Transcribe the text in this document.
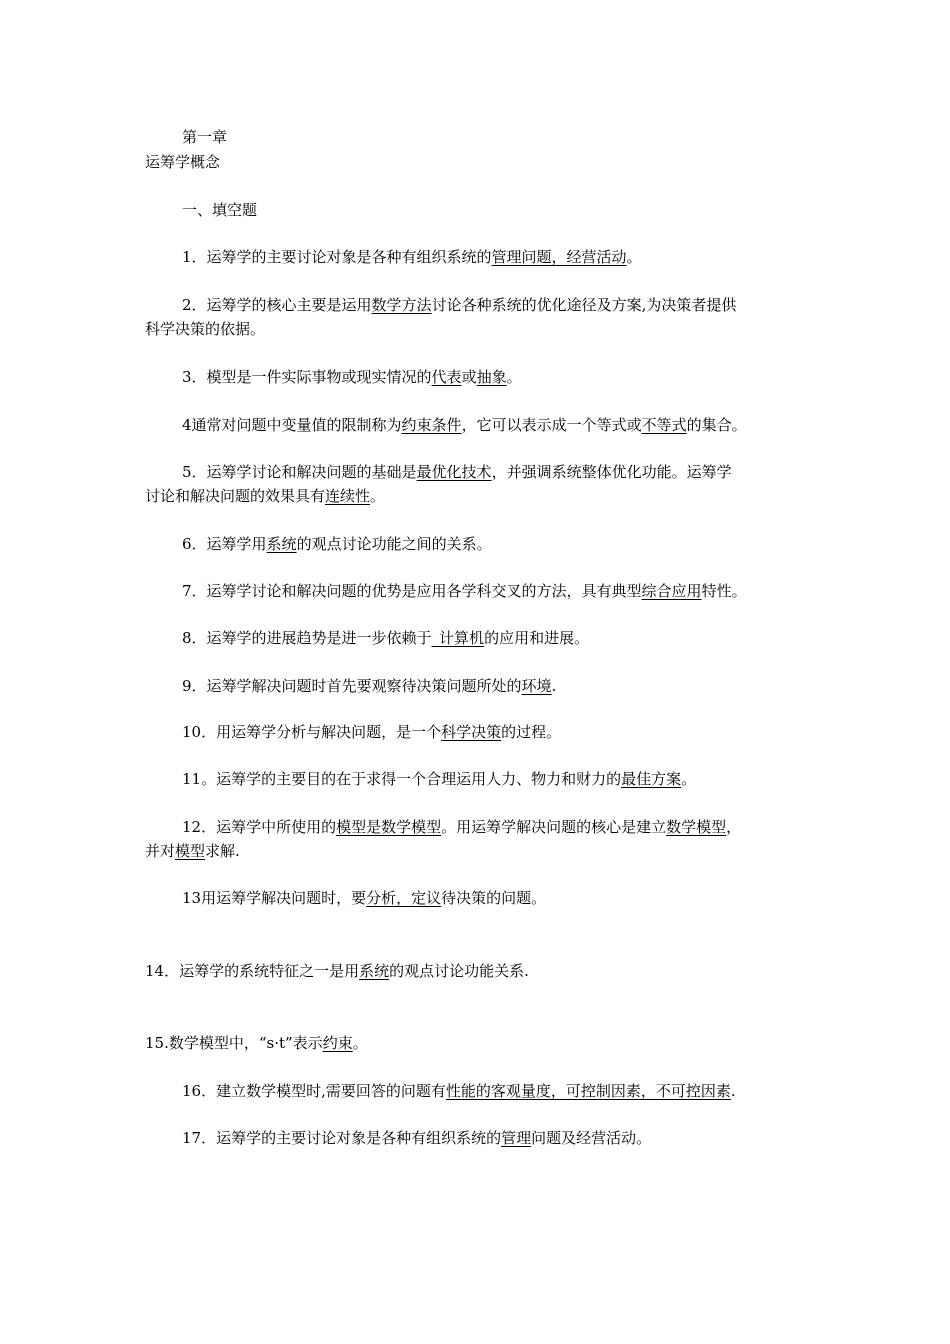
第一章
运筹学概念
一、填空题
1．运筹学的主要讨论对象是各种有组织系统的管理问题，经营活动。
2．运筹学的核心主要是运用数学方法讨论各种系统的优化途径及方案,为决策者提供
科学决策的依据。
3．模型是一件实际事物或现实情况的代表或抽象。
4通常对问题中变量值的限制称为约束条件，它可以表示成一个等式或不等式的集合。
5．运筹学讨论和解决问题的基础是最优化技术，并强调系统整体优化功能。运筹学
讨论和解决问题的效果具有连续性。
6．运筹学用系统的观点讨论功能之间的关系。
7．运筹学讨论和解决问题的优势是应用各学科交叉的方法，具有典型综合应用特性。
8．运筹学的进展趋势是进一步依赖于_计算机的应用和进展。
9．运筹学解决问题时首先要观察待决策问题所处的环境.
10．用运筹学分析与解决问题，是一个科学决策的过程。
11。运筹学的主要目的在于求得一个合理运用人力、物力和财力的最佳方案。
12．运筹学中所使用的模型是数学模型。用运筹学解决问题的核心是建立数学模型，
并对模型求解.
13用运筹学解决问题时，要分析，定议待决策的问题。
14．运筹学的系统特征之一是用系统的观点讨论功能关系.
15.数学模型中，“s·t”表示约束。
16．建立数学模型时,需要回答的问题有性能的客观量度，可控制因素，不可控因素.
17．运筹学的主要讨论对象是各种有组织系统的管理问题及经营活动。
